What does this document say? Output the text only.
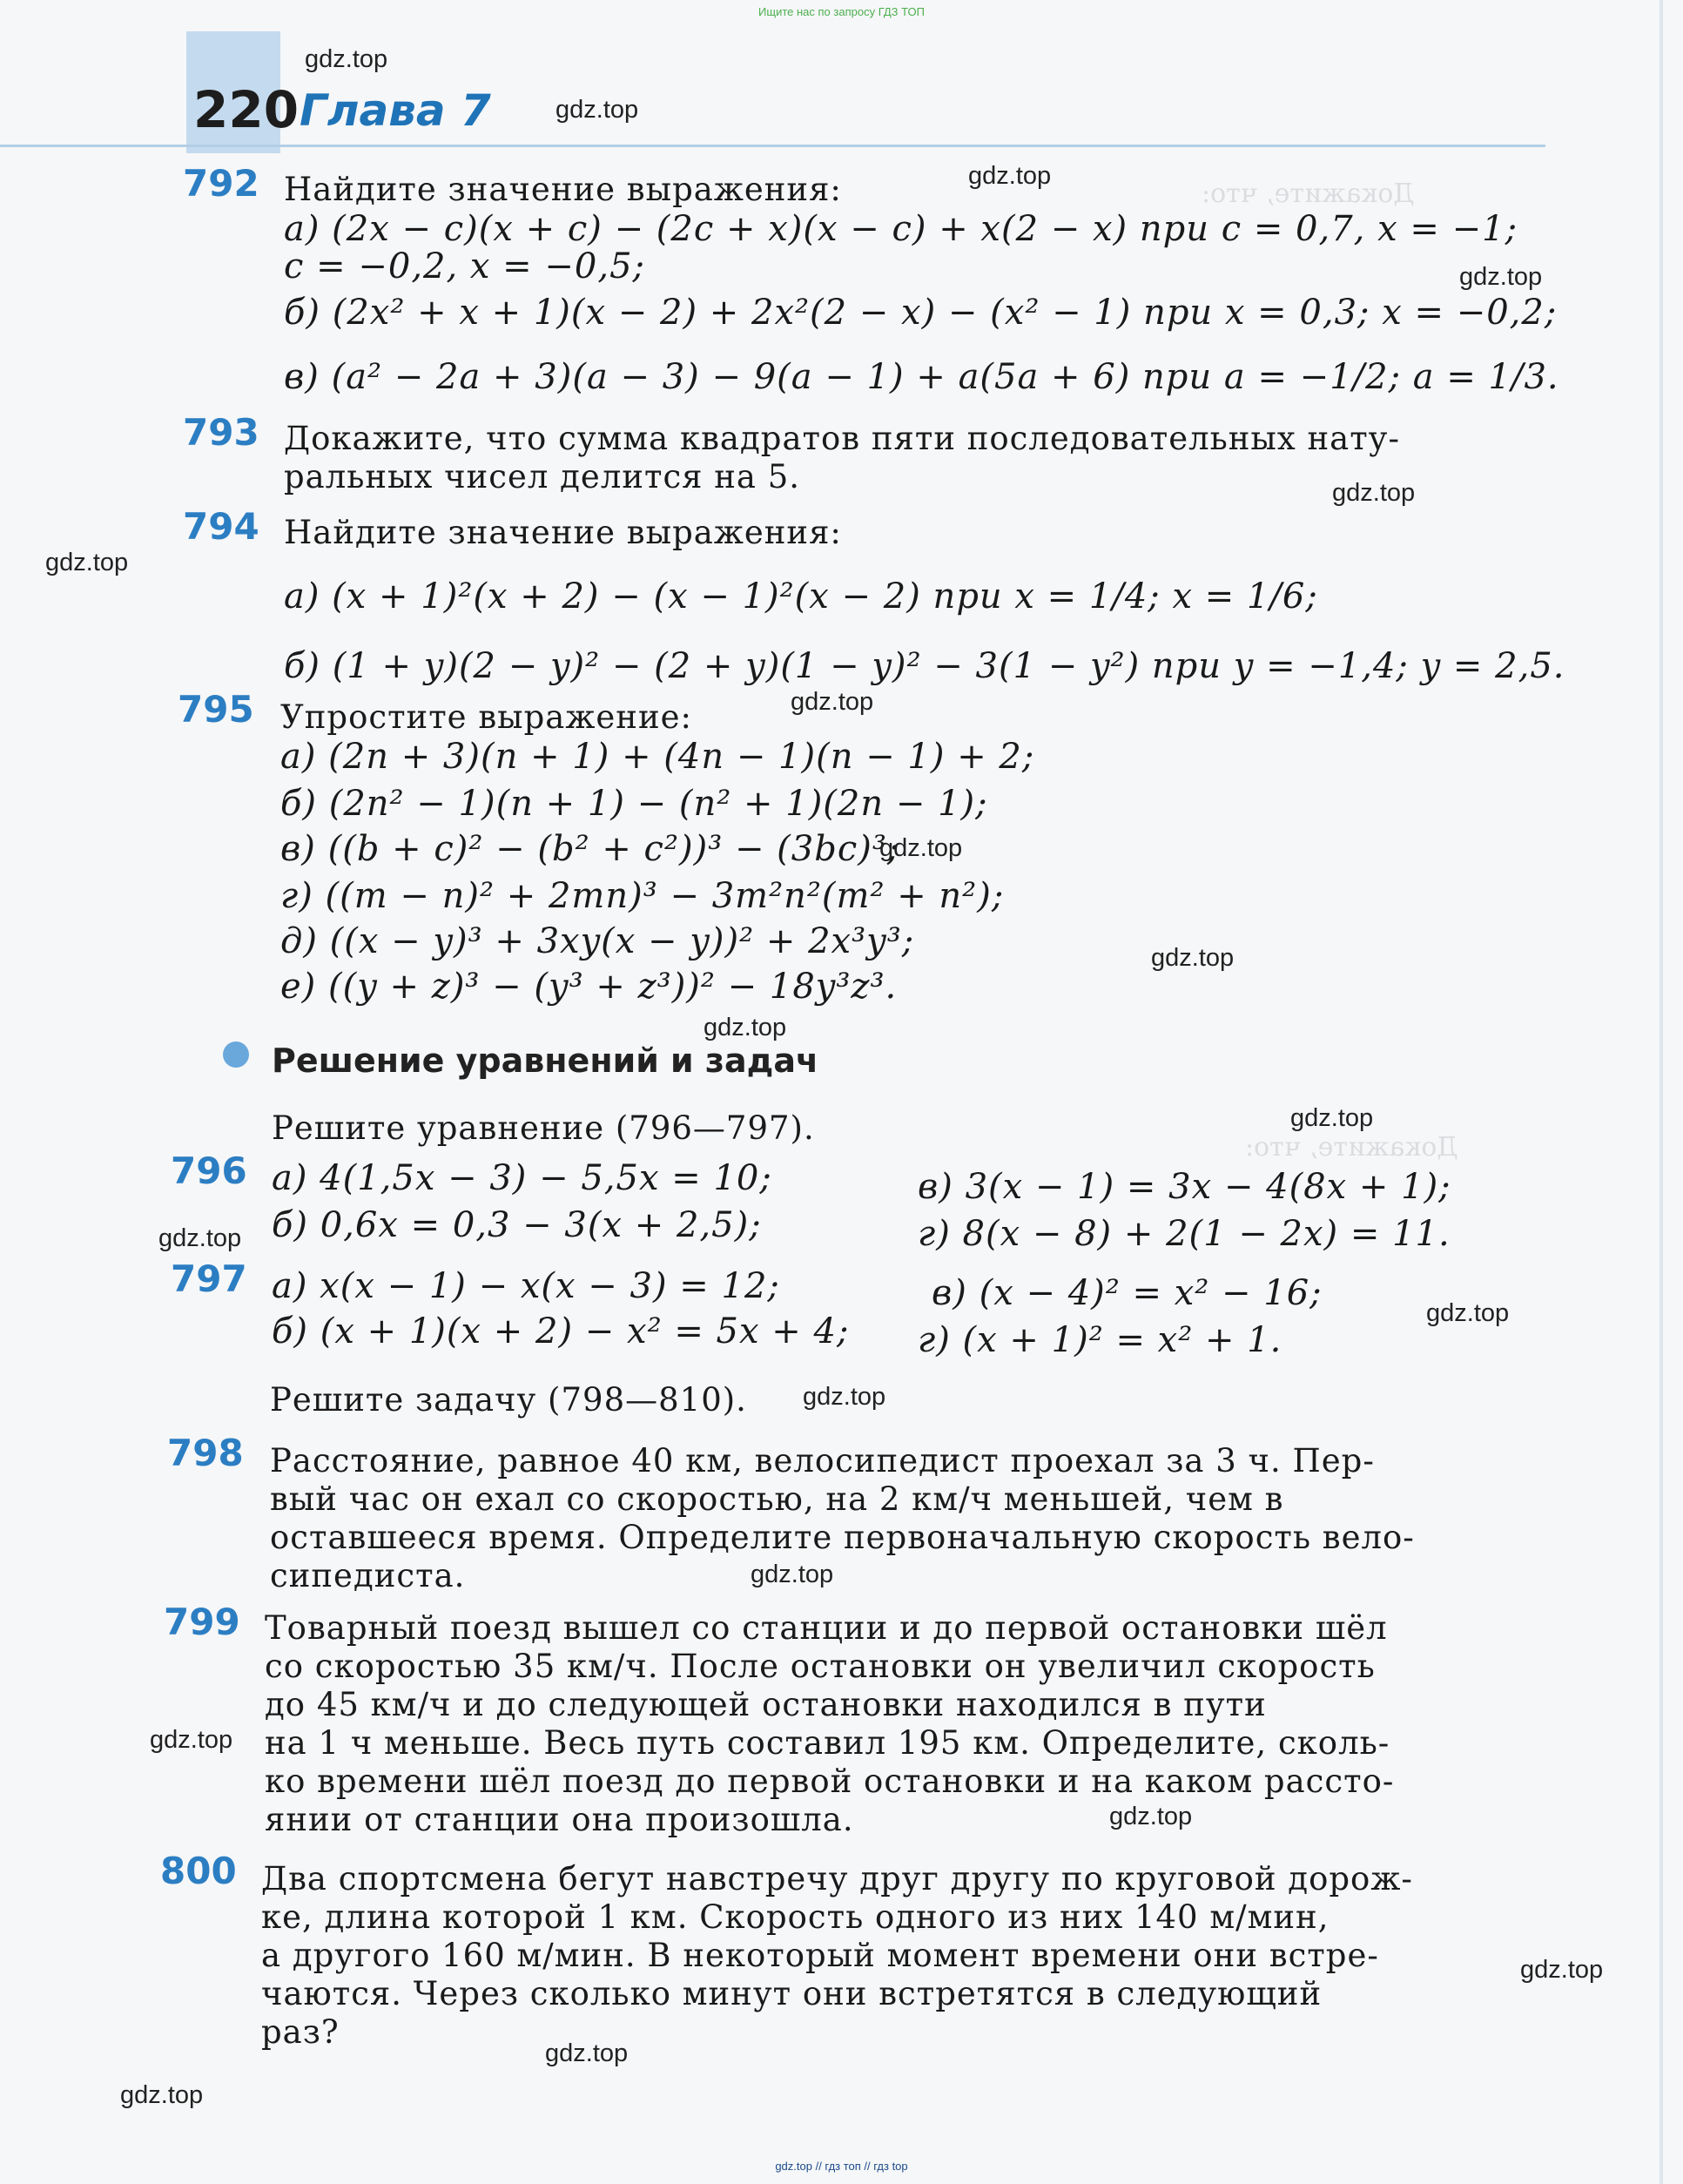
Ищите нас по запросу ГДЗ ТОП
Докажите, что:
Докажите, что:
220 Глава 7
792 Найдите значение выражения:
а) (2x − c)(x + c) − (2c + x)(x − c) + x(2 − x) при c = 0,7, x = −1;
c = −0,2, x = −0,5;
б) (2x² + x + 1)(x − 2) + 2x²(2 − x) − (x² − 1) при x = 0,3; x = −0,2;
в) (a² − 2a + 3)(a − 3) − 9(a − 1) + a(5a + 6) при a = −1/2; a = 1/3.
793 Докажите, что сумма квадратов пяти последовательных нату-
ральных чисел делится на 5.
794 Найдите значение выражения:
а) (x + 1)²(x + 2) − (x − 1)²(x − 2) при x = 1/4; x = 1/6;
б) (1 + y)(2 − y)² − (2 + y)(1 − y)² − 3(1 − y²) при y = −1,4; y = 2,5.
795 Упростите выражение:
а) (2n + 3)(n + 1) + (4n − 1)(n − 1) + 2;
б) (2n² − 1)(n + 1) − (n² + 1)(2n − 1);
в) ((b + c)² − (b² + c²))³ − (3bc)³;
г) ((m − n)² + 2mn)³ − 3m²n²(m² + n²);
д) ((x − y)³ + 3xy(x − y))² + 2x³y³;
е) ((y + z)³ − (y³ + z³))² − 18y³z³.
Решение уравнений и задач
Решите уравнение (796—797).
796 а) 4(1,5x − 3) − 5,5x = 10;	в) 3(x − 1) = 3x − 4(8x + 1);
б) 0,6x = 0,3 − 3(x + 2,5);	г) 8(x − 8) + 2(1 − 2x) = 11.
797 а) x(x − 1) − x(x − 3) = 12;	в) (x − 4)² = x² − 16;
б) (x + 1)(x + 2) − x² = 5x + 4; г) (x + 1)² = x² + 1.
Решите задачу (798—810).
798 Расстояние, равное 40 км, велосипедист проехал за 3 ч. Пер-
вый час он ехал со скоростью, на 2 км/ч меньшей, чем в
оставшееся время. Определите первоначальную скорость вело-
сипедиста.
799 Товарный поезд вышел со станции и до первой остановки шёл
со скоростью 35 км/ч. После остановки он увеличил скорость
до 45 км/ч и до следующей остановки находился в пути
на 1 ч меньше. Весь путь составил 195 км. Определите, сколь-
ко времени шёл поезд до первой остановки и на каком рассто-
янии от станции она произошла.
800 Два спортсмена бегут навстречу друг другу по круговой дорож-
ке, длина которой 1 км. Скорость одного из них 140 м/мин,
а другого 160 м/мин. В некоторый момент времени они встре-
чаются. Через сколько минут они встретятся в следующий
раз?
gdz.top
gdz.top
gdz.top
gdz.top
gdz.top
gdz.top
gdz.top
gdz.top
gdz.top
gdz.top
gdz.top
gdz.top
gdz.top
gdz.top
gdz.top
gdz.top
gdz.top
gdz.top
gdz.top
gdz.top
gdz.top // гдз топ // гдз top
